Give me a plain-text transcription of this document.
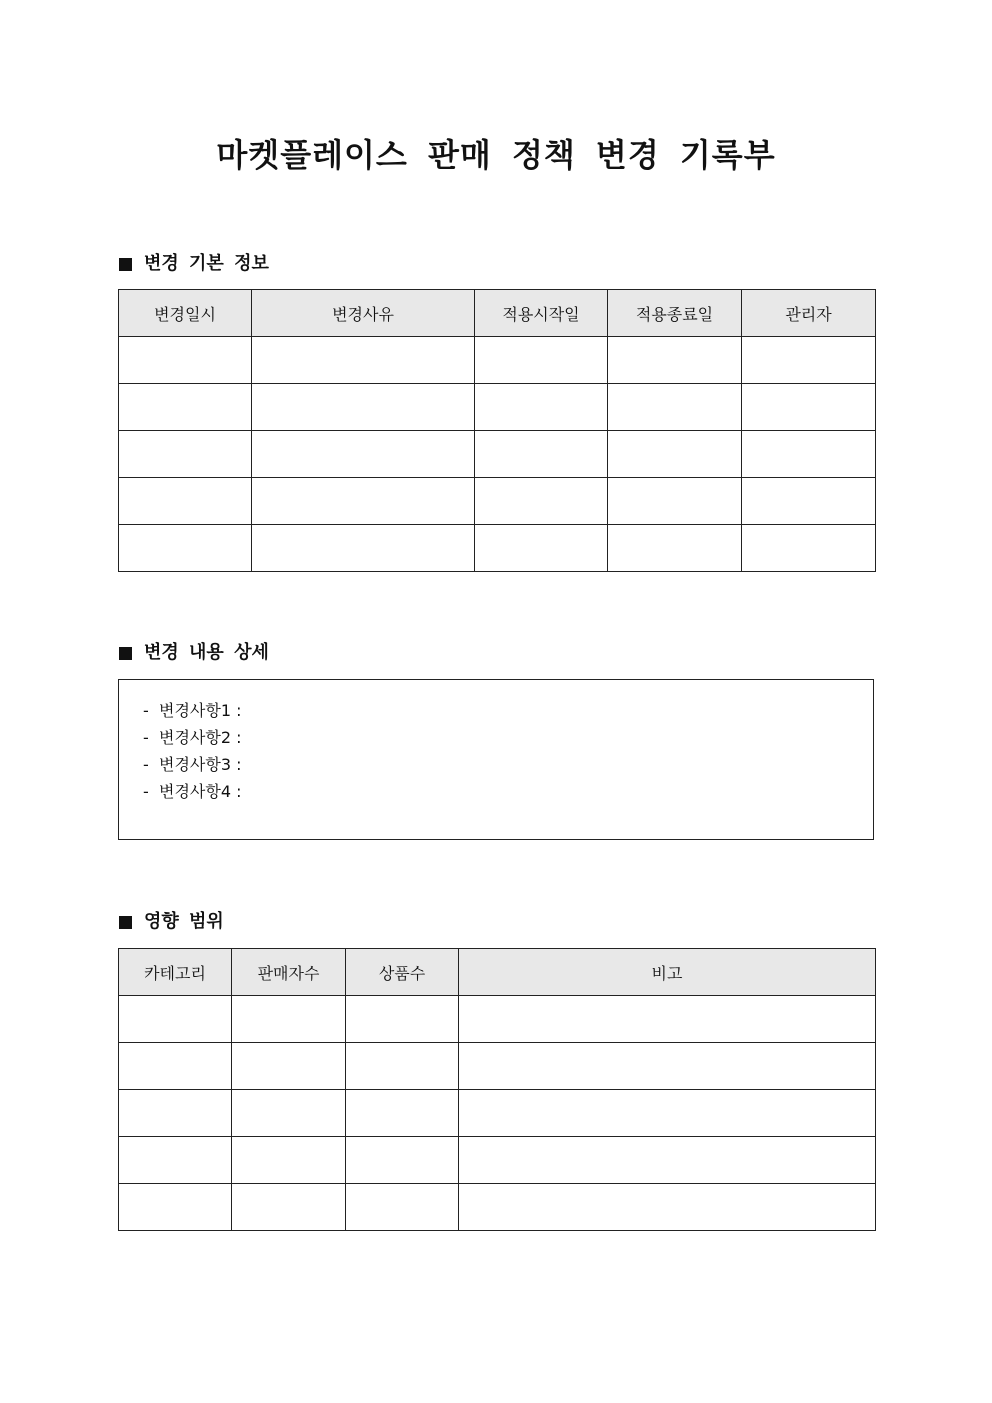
마켓플레이스 판매 정책 변경 기록부
변경 기본 정보
변경일시	변경사유	적용시작일	적용종료일	관리자

변경 내용 상세
- 변경사항1 :
- 변경사항2 :
- 변경사항3 :
- 변경사항4 :
영향 범위
카테고리	판매자수	상품수	비고
